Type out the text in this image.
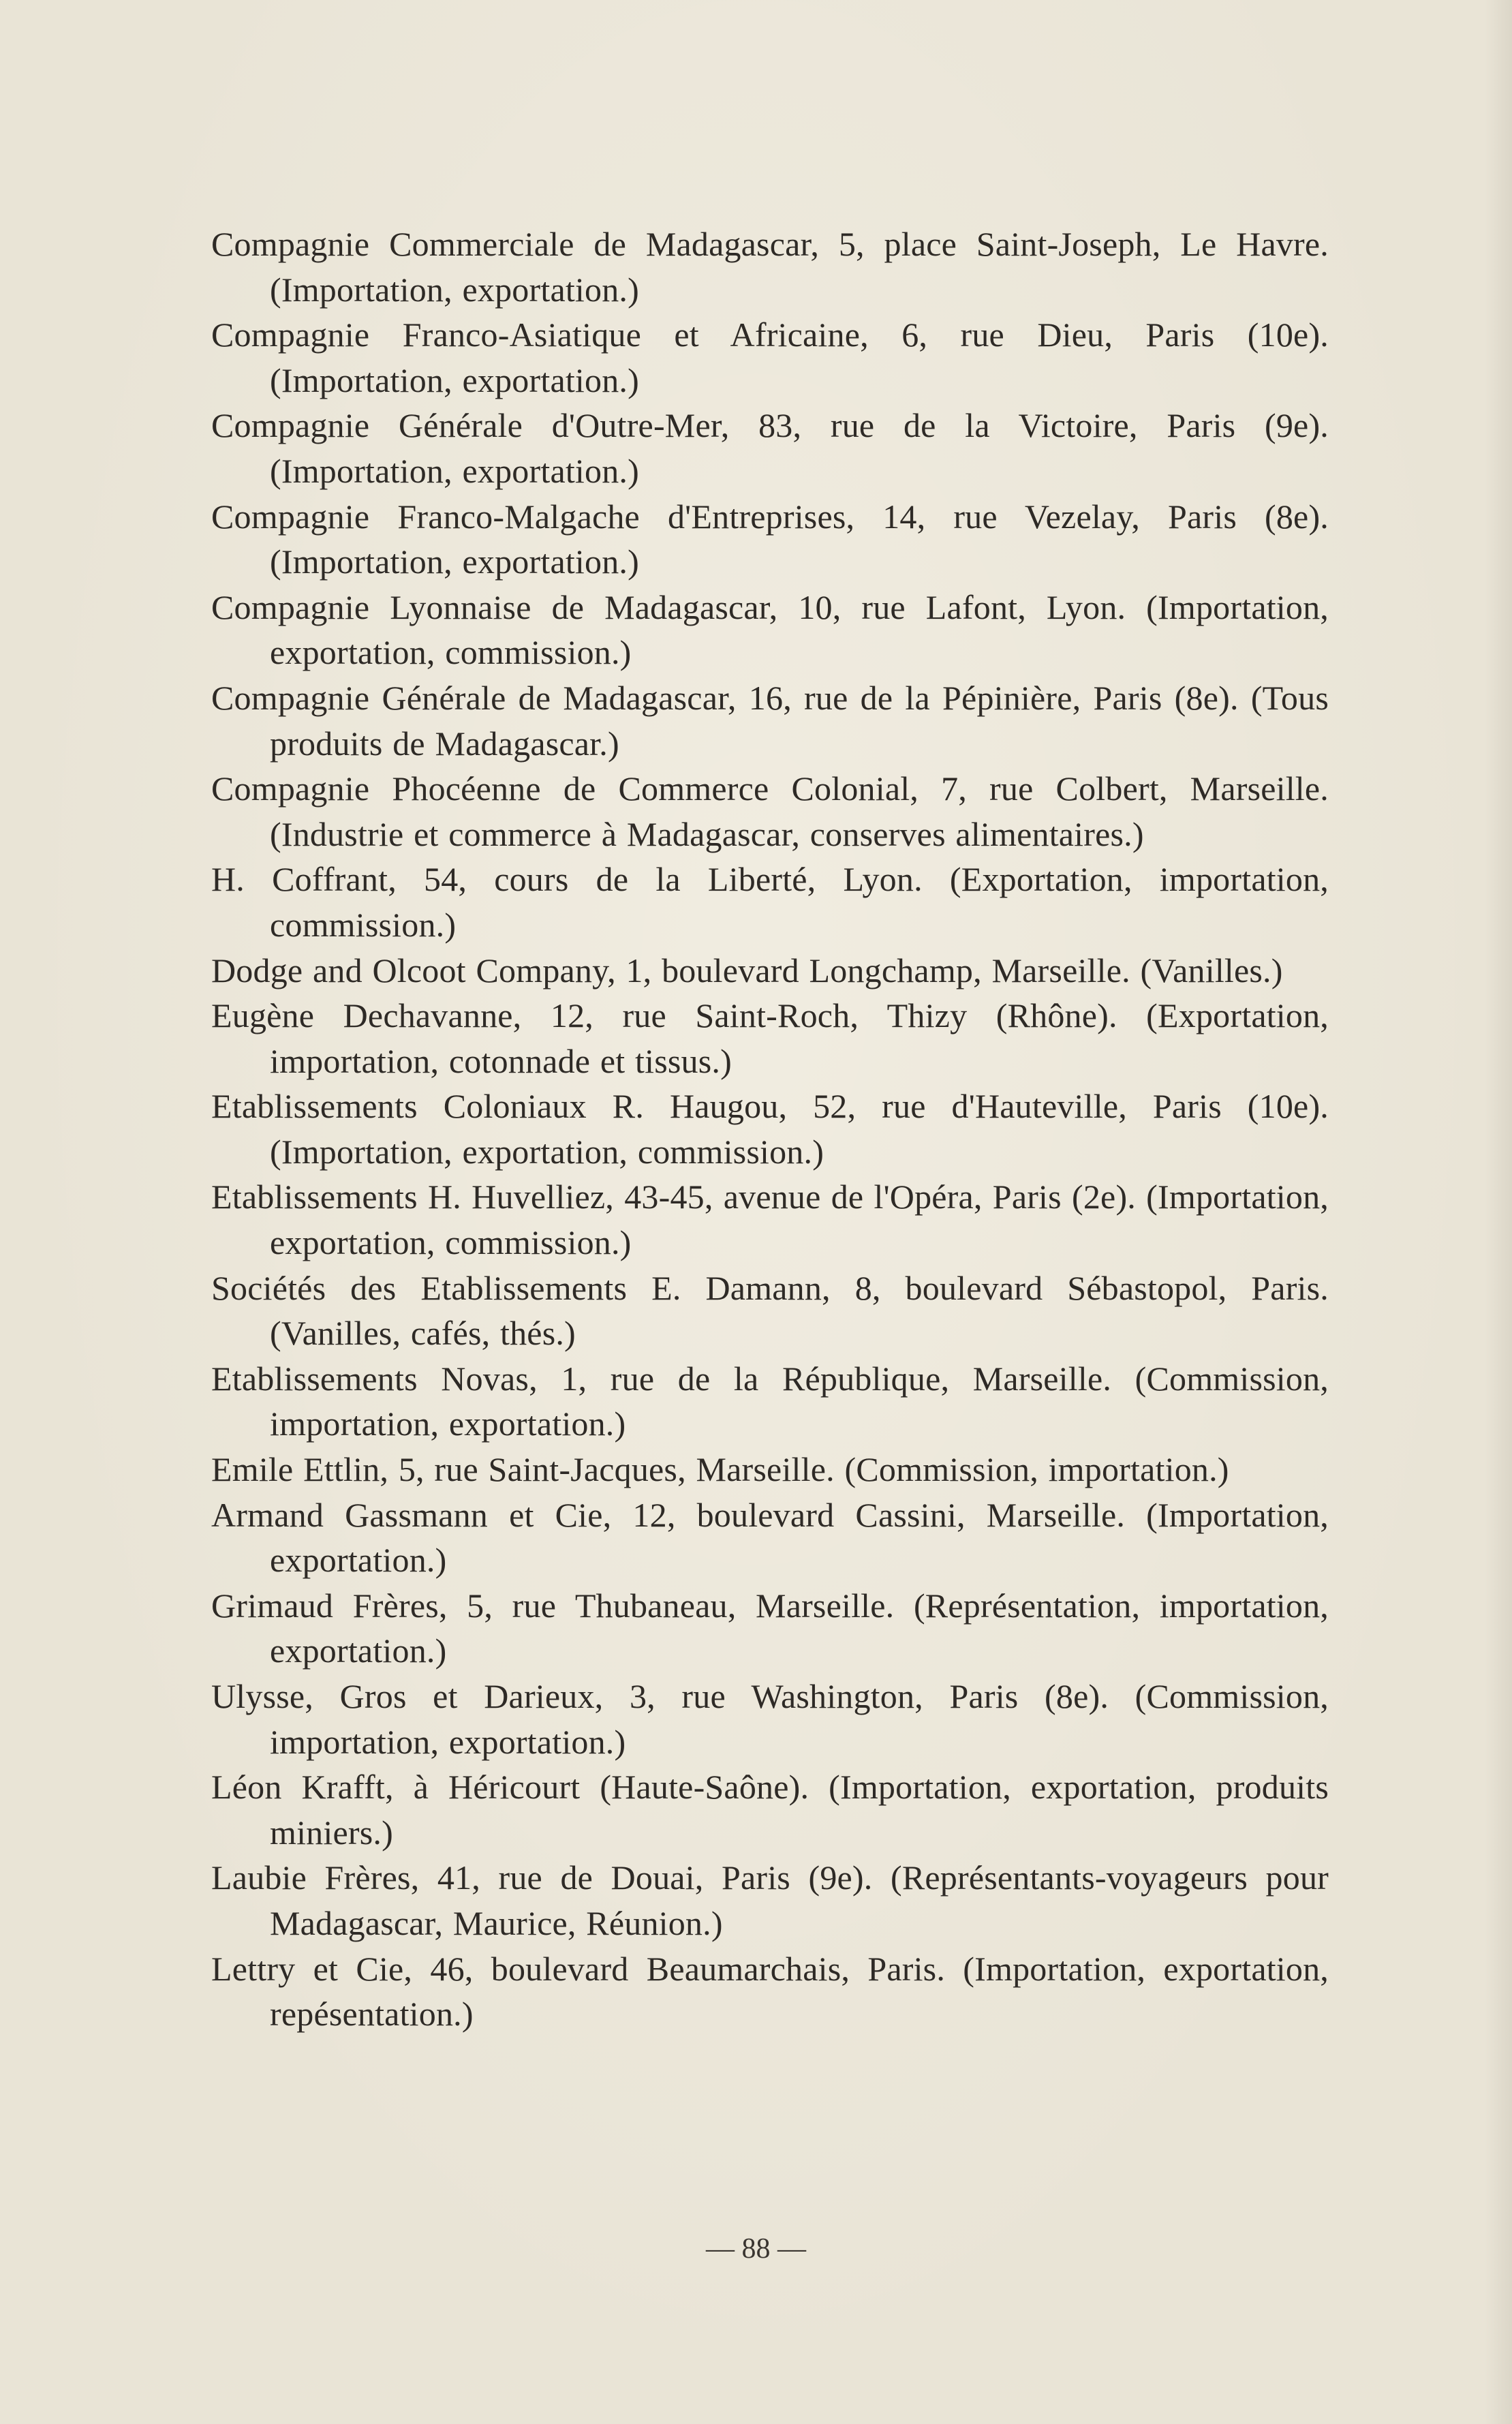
Compagnie Commerciale de Madagascar, 5, place Saint-Joseph, Le Havre. (Importation, exportation.)
Compagnie Franco-Asiatique et Africaine, 6, rue Dieu, Paris (10e). (Importation, exportation.)
Compagnie Générale d'Outre-Mer, 83, rue de la Victoire, Paris (9e). (Importation, exportation.)
Compagnie Franco-Malgache d'Entreprises, 14, rue Vezelay, Paris (8e). (Importation, exportation.)
Compagnie Lyonnaise de Madagascar, 10, rue Lafont, Lyon. (Importation, exportation, commission.)
Compagnie Générale de Madagascar, 16, rue de la Pépinière, Paris (8e). (Tous produits de Madagascar.)
Compagnie Phocéenne de Commerce Colonial, 7, rue Colbert, Marseille. (Industrie et commerce à Madagascar, conserves alimentaires.)
H. Coffrant, 54, cours de la Liberté, Lyon. (Exportation, importation, commission.)
Dodge and Olcoot Company, 1, boulevard Longchamp, Marseille. (Vanilles.)
Eugène Dechavanne, 12, rue Saint-Roch, Thizy (Rhône). (Exportation, importation, cotonnade et tissus.)
Etablissements Coloniaux R. Haugou, 52, rue d'Hauteville, Paris (10e). (Importation, exportation, commission.)
Etablissements H. Huvelliez, 43-45, avenue de l'Opéra, Paris (2e). (Importation, exportation, commission.)
Sociétés des Etablissements E. Damann, 8, boulevard Sébastopol, Paris. (Vanilles, cafés, thés.)
Etablissements Novas, 1, rue de la République, Marseille. (Commission, importation, exportation.)
Emile Ettlin, 5, rue Saint-Jacques, Marseille. (Commission, importation.)
Armand Gassmann et Cie, 12, boulevard Cassini, Marseille. (Importation, exportation.)
Grimaud Frères, 5, rue Thubaneau, Marseille. (Représentation, importation, exportation.)
Ulysse, Gros et Darieux, 3, rue Washington, Paris (8e). (Commission, importation, exportation.)
Léon Krafft, à Héricourt (Haute-Saône). (Importation, exportation, produits miniers.)
Laubie Frères, 41, rue de Douai, Paris (9e). (Représentants-voyageurs pour Madagascar, Maurice, Réunion.)
Lettry et Cie, 46, boulevard Beaumarchais, Paris. (Importation, exportation, repésentation.)
— 88 —
